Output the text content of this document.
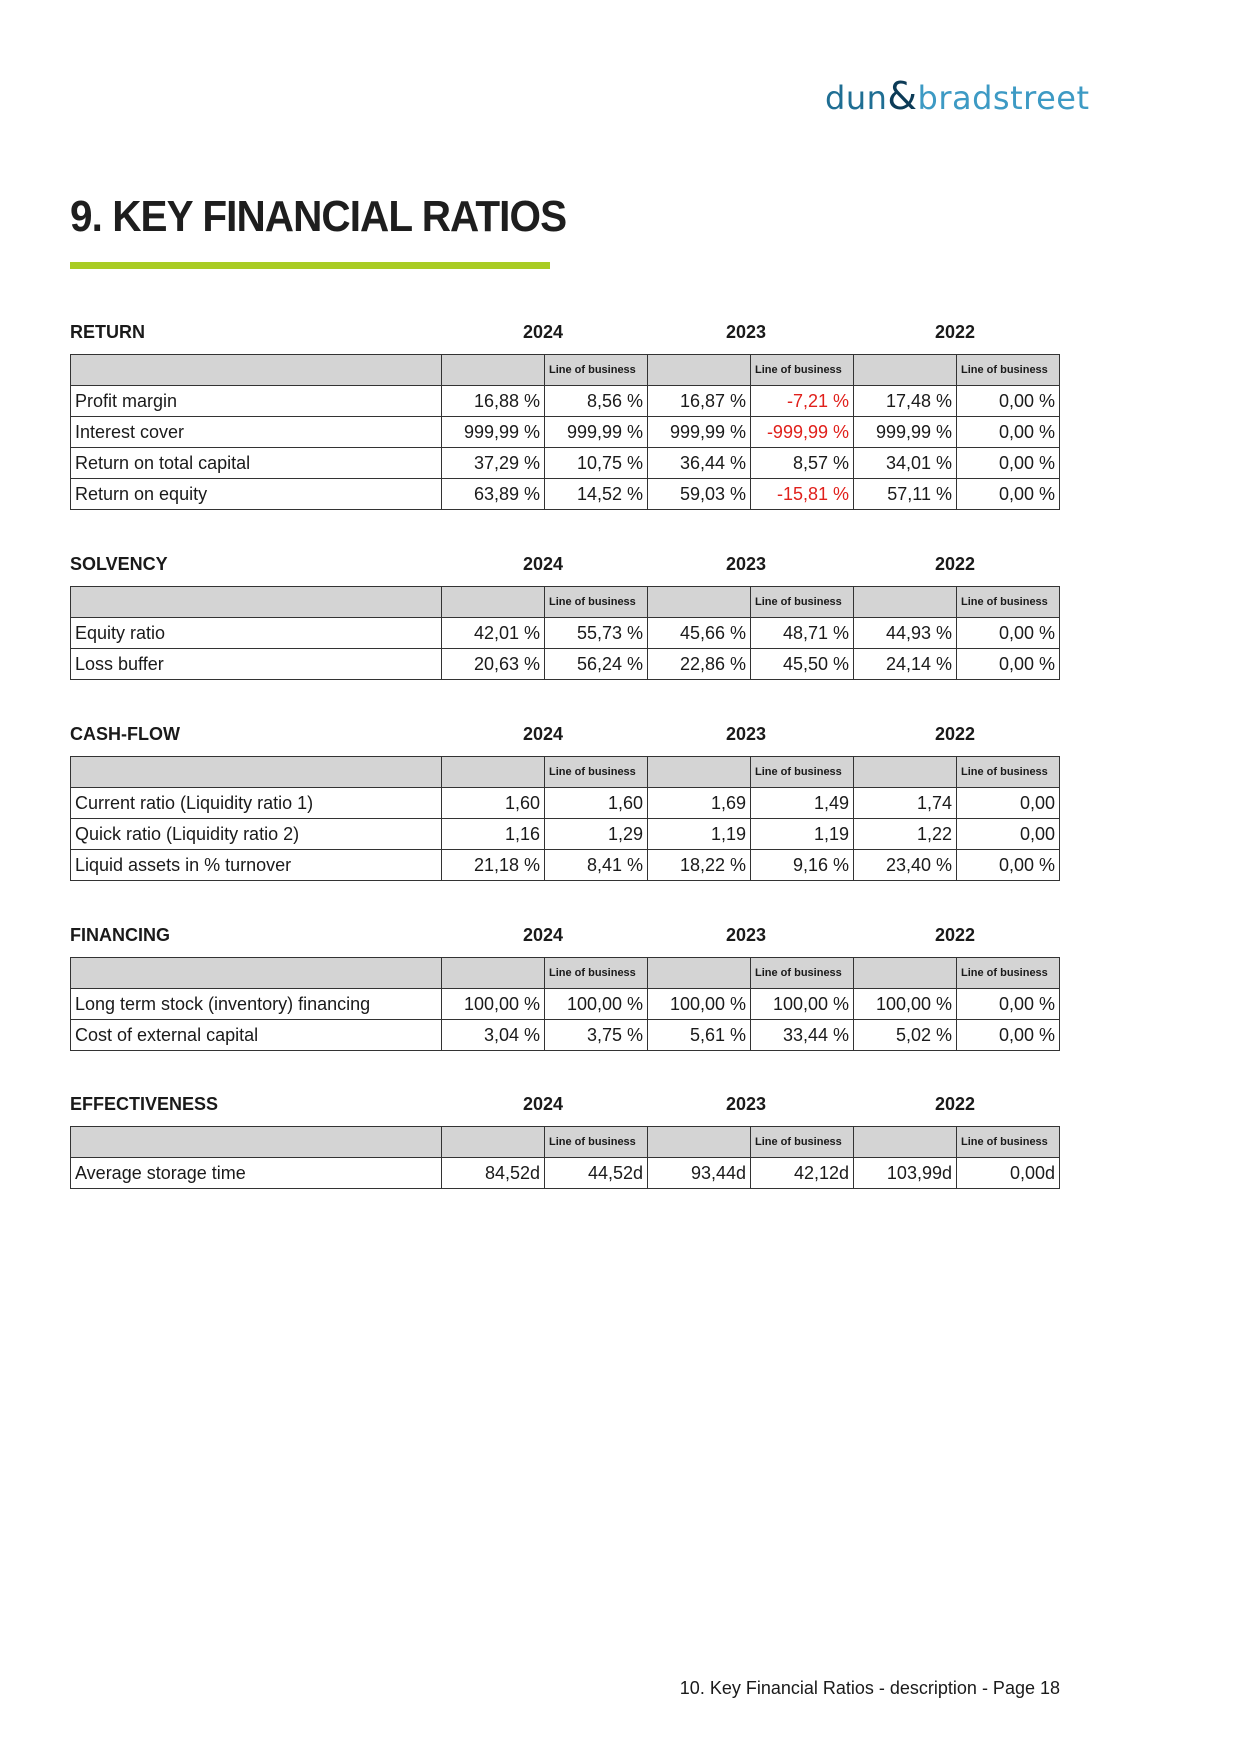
dun&bradstreet
9. KEY FINANCIAL RATIOS
RETURN	2024	2023	2022
		Line of business		Line of business		Line of business
Profit margin	16,88 %	8,56 %	16,87 %	-7,21 %	17,48 %	0,00 %
Interest cover	999,99 %	999,99 %	999,99 %	-999,99 %	999,99 %	0,00 %
Return on total capital	37,29 %	10,75 %	36,44 %	8,57 %	34,01 %	0,00 %
Return on equity	63,89 %	14,52 %	59,03 %	-15,81 %	57,11 %	0,00 %
SOLVENCY	2024	2023	2022
		Line of business		Line of business		Line of business
Equity ratio	42,01 %	55,73 %	45,66 %	48,71 %	44,93 %	0,00 %
Loss buffer	20,63 %	56,24 %	22,86 %	45,50 %	24,14 %	0,00 %
CASH-FLOW	2024	2023	2022
		Line of business		Line of business		Line of business
Current ratio (Liquidity ratio 1)	1,60	1,60	1,69	1,49	1,74	0,00
Quick ratio (Liquidity ratio 2)	1,16	1,29	1,19	1,19	1,22	0,00
Liquid assets in % turnover	21,18 %	8,41 %	18,22 %	9,16 %	23,40 %	0,00 %
FINANCING	2024	2023	2022
		Line of business		Line of business		Line of business
Long term stock (inventory) financing	100,00 %	100,00 %	100,00 %	100,00 %	100,00 %	0,00 %
Cost of external capital	3,04 %	3,75 %	5,61 %	33,44 %	5,02 %	0,00 %
EFFECTIVENESS	2024	2023	2022
		Line of business		Line of business		Line of business
Average storage time	84,52d	44,52d	93,44d	42,12d	103,99d	0,00d
10. Key Financial Ratios - description - Page 18
